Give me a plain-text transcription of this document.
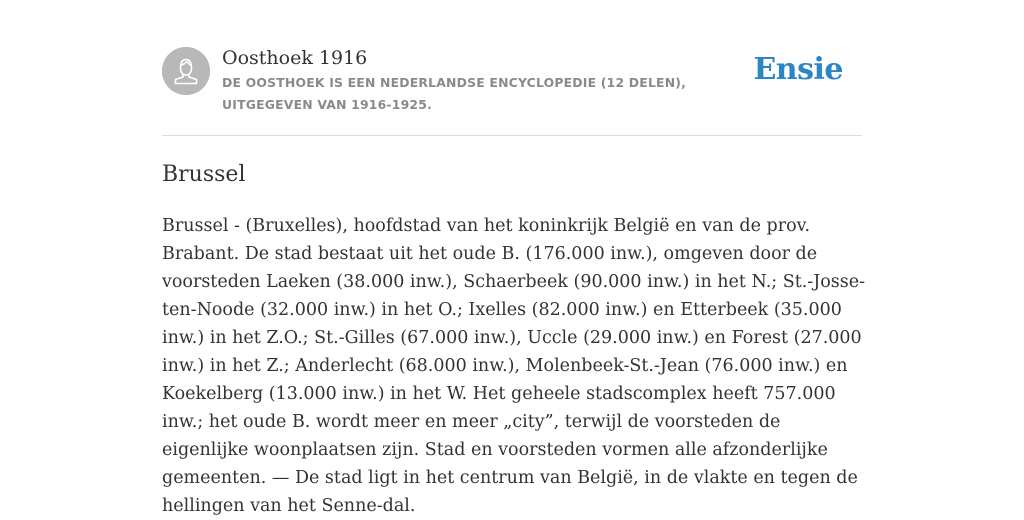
Oosthoek 1916
DE OOSTHOEK IS EEN NEDERLANDSE ENCYCLOPEDIE (12 DELEN), UITGEGEVEN VAN 1916-1925.
Ensie
Brussel

Brussel - (Bruxelles), hoofdstad van het koninkrijk België en van de prov. Brabant. De stad bestaat uit het oude B. (176.000 inw.), omgeven door de voorsteden Laeken (38.000 inw.), Schaerbeek (90.000 inw.) in het N.; St.-Josse-ten-Noode (32.000 inw.) in het O.; Ixelles (82.000 inw.) en Etterbeek (35.000 inw.) in het Z.O.; St.-Gilles (67.000 inw.), Uccle (29.000 inw.) en Forest (27.000 inw.) in het Z.; Anderlecht (68.000 inw.), Molenbeek-St.-Jean (76.000 inw.) en Koekelberg (13.000 inw.) in het W. Het geheele stadscomplex heeft 757.000 inw.; het oude B. wordt meer en meer „city”, terwijl de voorsteden de eigenlijke woonplaatsen zijn. Stad en voorsteden vormen alle afzonderlijke gemeenten. — De stad ligt in het centrum van België, in de vlakte en tegen de hellingen van het Senne-dal.
